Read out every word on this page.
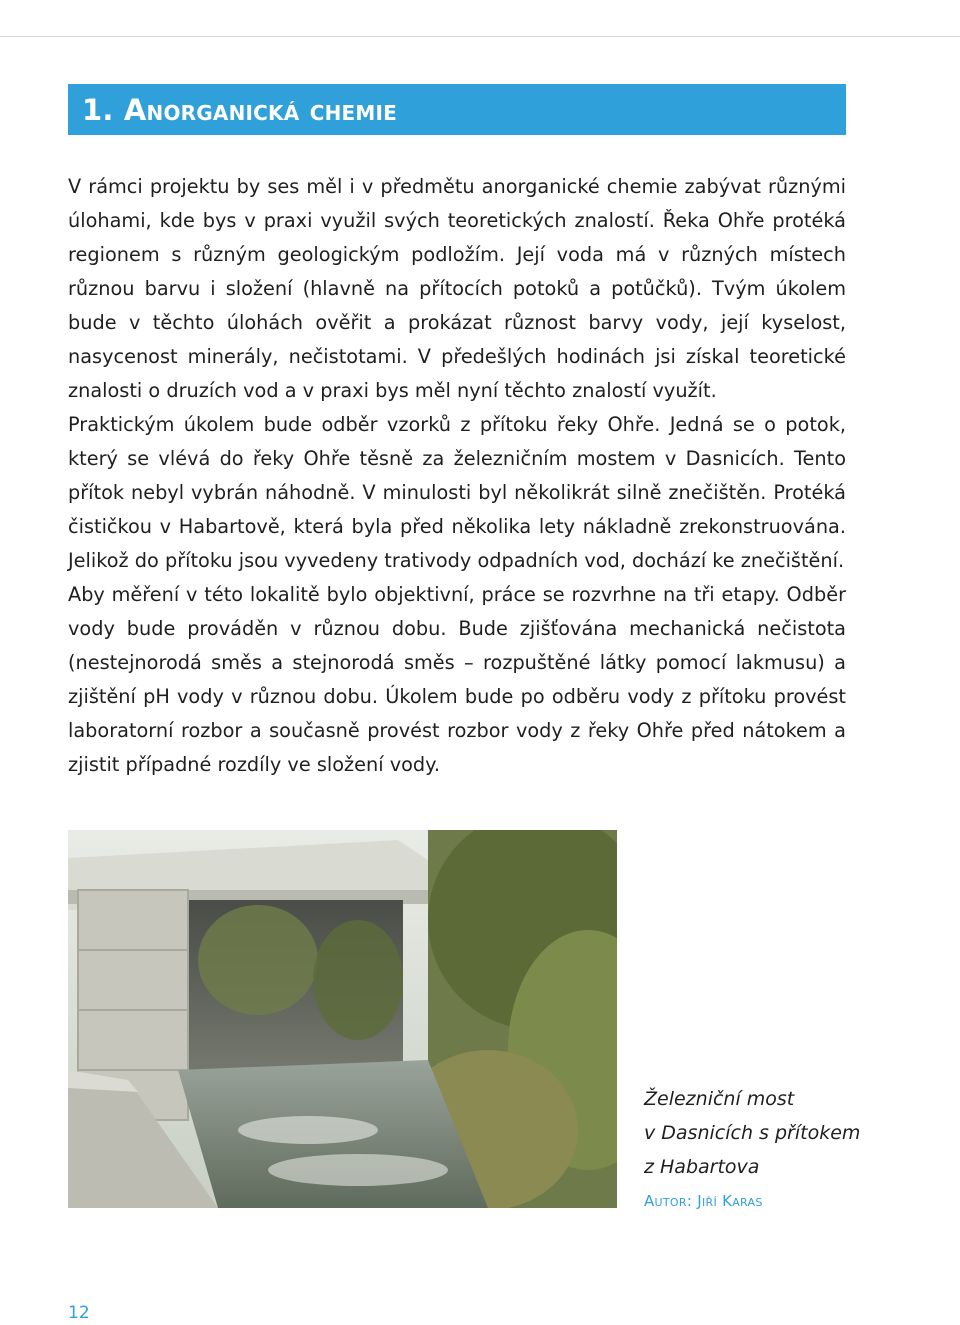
1. Anorganická chemie

V rámci projektu by ses měl i v předmětu anorganické chemie zabývat různými úlohami, kde bys v praxi využil svých teoretických znalostí. Řeka Ohře protéká regionem s různým geologickým podložím. Její voda má v různých místech různou barvu i složení (hlavně na přítocích potoků a potůčků). Tvým úkolem bude v těchto úlohách ověřit a prokázat různost barvy vody, její kyselost, nasycenost minerály, nečistotami. V předešlých hodinách jsi získal teoretické znalosti o druzích vod a v praxi bys měl nyní těchto znalostí využít.

Praktickým úkolem bude odběr vzorků z přítoku řeky Ohře. Jedná se o potok, který se vlévá do řeky Ohře těsně za železničním mostem v Dasnicích. Tento přítok nebyl vybrán náhodně. V minulosti byl několikrát silně znečištěn. Protéká čističkou v Habartově, která byla před několika lety nákladně zrekonstruována. Jelikož do přítoku jsou vyvedeny trativody odpadních vod, dochází ke znečištění.

Aby měření v této lokalitě bylo objektivní, práce se rozvrhne na tři etapy. Odběr vody bude prováděn v různou dobu. Bude zjišťována mechanická nečistota (nestejnorodá směs a stejnorodá směs – rozpuštěné látky pomocí lakmusu) a zjištění pH vody v různou dobu. Úkolem bude po odběru vody z přítoku provést laboratorní rozbor a současně provést rozbor vody z řeky Ohře před nátokem a zjistit případné rozdíly ve složení vody.

Železniční most
v Dasnicích s přítokem
z Habartova
Autor: Jiří Karas
12
